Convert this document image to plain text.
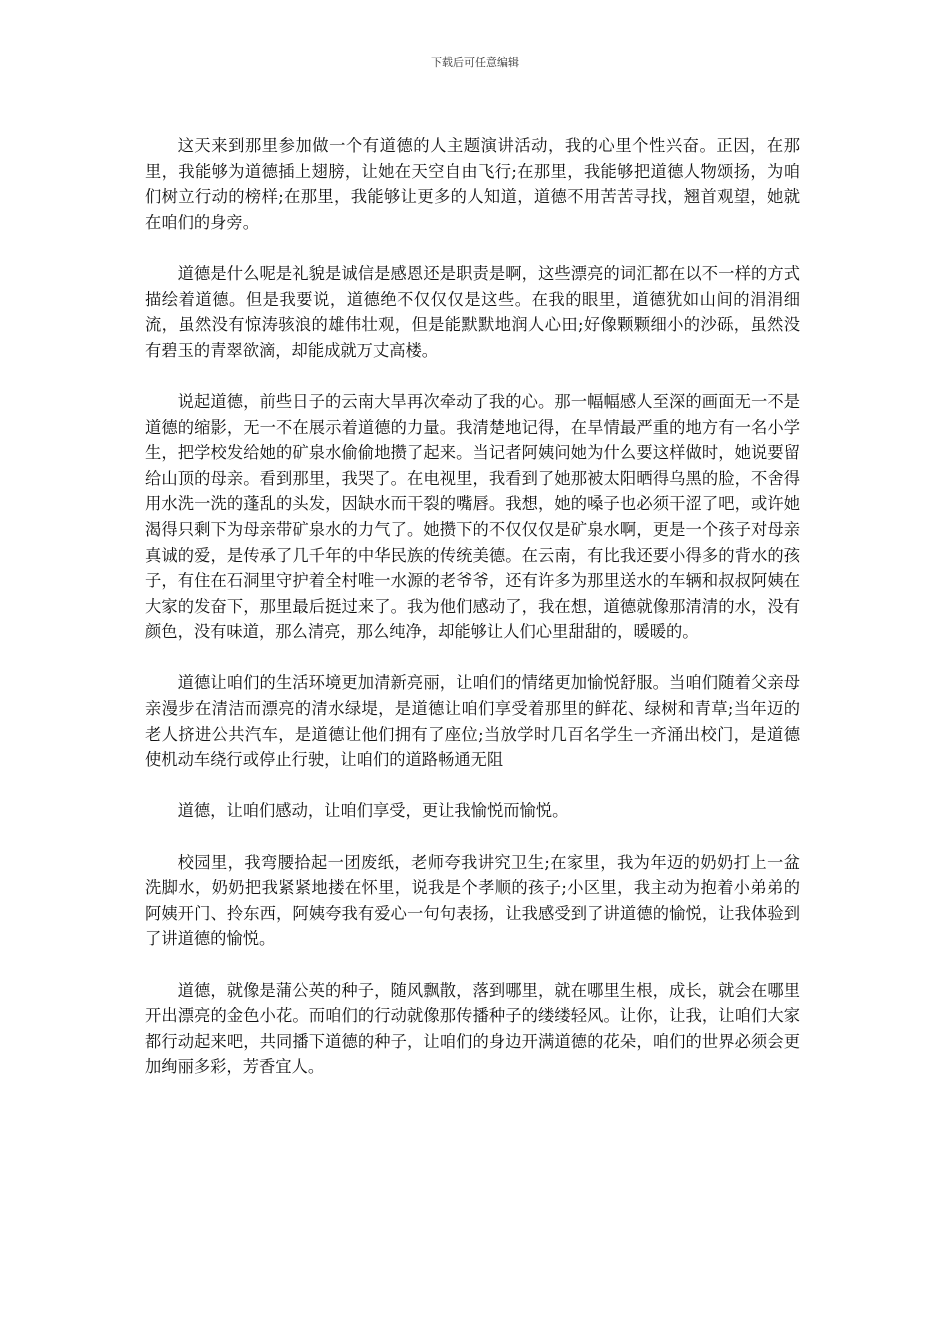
下载后可任意编辑

这天来到那里参加做一个有道德的人主题演讲活动，我的心里个性兴奋。正因，在那里，我能够为道德插上翅膀，让她在天空自由飞行;在那里，我能够把道德人物颂扬，为咱们树立行动的榜样;在那里，我能够让更多的人知道，道德不用苦苦寻找，翘首观望，她就在咱们的身旁。

道德是什么呢是礼貌是诚信是感恩还是职责是啊，这些漂亮的词汇都在以不一样的方式描绘着道德。但是我要说，道德绝不仅仅仅是这些。在我的眼里，道德犹如山间的涓涓细流，虽然没有惊涛骇浪的雄伟壮观，但是能默默地润人心田;好像颗颗细小的沙砾，虽然没有碧玉的青翠欲滴，却能成就万丈高楼。

说起道德，前些日子的云南大旱再次牵动了我的心。那一幅幅感人至深的画面无一不是道德的缩影，无一不在展示着道德的力量。我清楚地记得，在旱情最严重的地方有一名小学生，把学校发给她的矿泉水偷偷地攒了起来。当记者阿姨问她为什么要这样做时，她说要留给山顶的母亲。看到那里，我哭了。在电视里，我看到了她那被太阳晒得乌黑的脸，不舍得用水洗一洗的蓬乱的头发，因缺水而干裂的嘴唇。我想，她的嗓子也必须干涩了吧，或许她渴得只剩下为母亲带矿泉水的力气了。她攒下的不仅仅仅是矿泉水啊，更是一个孩子对母亲真诚的爱，是传承了几千年的中华民族的传统美德。在云南，有比我还要小得多的背水的孩子，有住在石洞里守护着全村唯一水源的老爷爷，还有许多为那里送水的车辆和叔叔阿姨在大家的发奋下，那里最后挺过来了。我为他们感动了，我在想，道德就像那清清的水，没有颜色，没有味道，那么清亮，那么纯净，却能够让人们心里甜甜的，暖暖的。

道德让咱们的生活环境更加清新亮丽，让咱们的情绪更加愉悦舒服。当咱们随着父亲母亲漫步在清洁而漂亮的清水绿堤，是道德让咱们享受着那里的鲜花、绿树和青草;当年迈的老人挤进公共汽车，是道德让他们拥有了座位;当放学时几百名学生一齐涌出校门，是道德使机动车绕行或停止行驶，让咱们的道路畅通无阻

道德，让咱们感动，让咱们享受，更让我愉悦而愉悦。

校园里，我弯腰拾起一团废纸，老师夸我讲究卫生;在家里，我为年迈的奶奶打上一盆洗脚水，奶奶把我紧紧地搂在怀里，说我是个孝顺的孩子;小区里，我主动为抱着小弟弟的阿姨开门、拎东西，阿姨夸我有爱心一句句表扬，让我感受到了讲道德的愉悦，让我体验到了讲道德的愉悦。

道德，就像是蒲公英的种子，随风飘散，落到哪里，就在哪里生根，成长，就会在哪里开出漂亮的金色小花。而咱们的行动就像那传播种子的缕缕轻风。让你，让我，让咱们大家都行动起来吧，共同播下道德的种子，让咱们的身边开满道德的花朵，咱们的世界必须会更加绚丽多彩，芳香宜人。
